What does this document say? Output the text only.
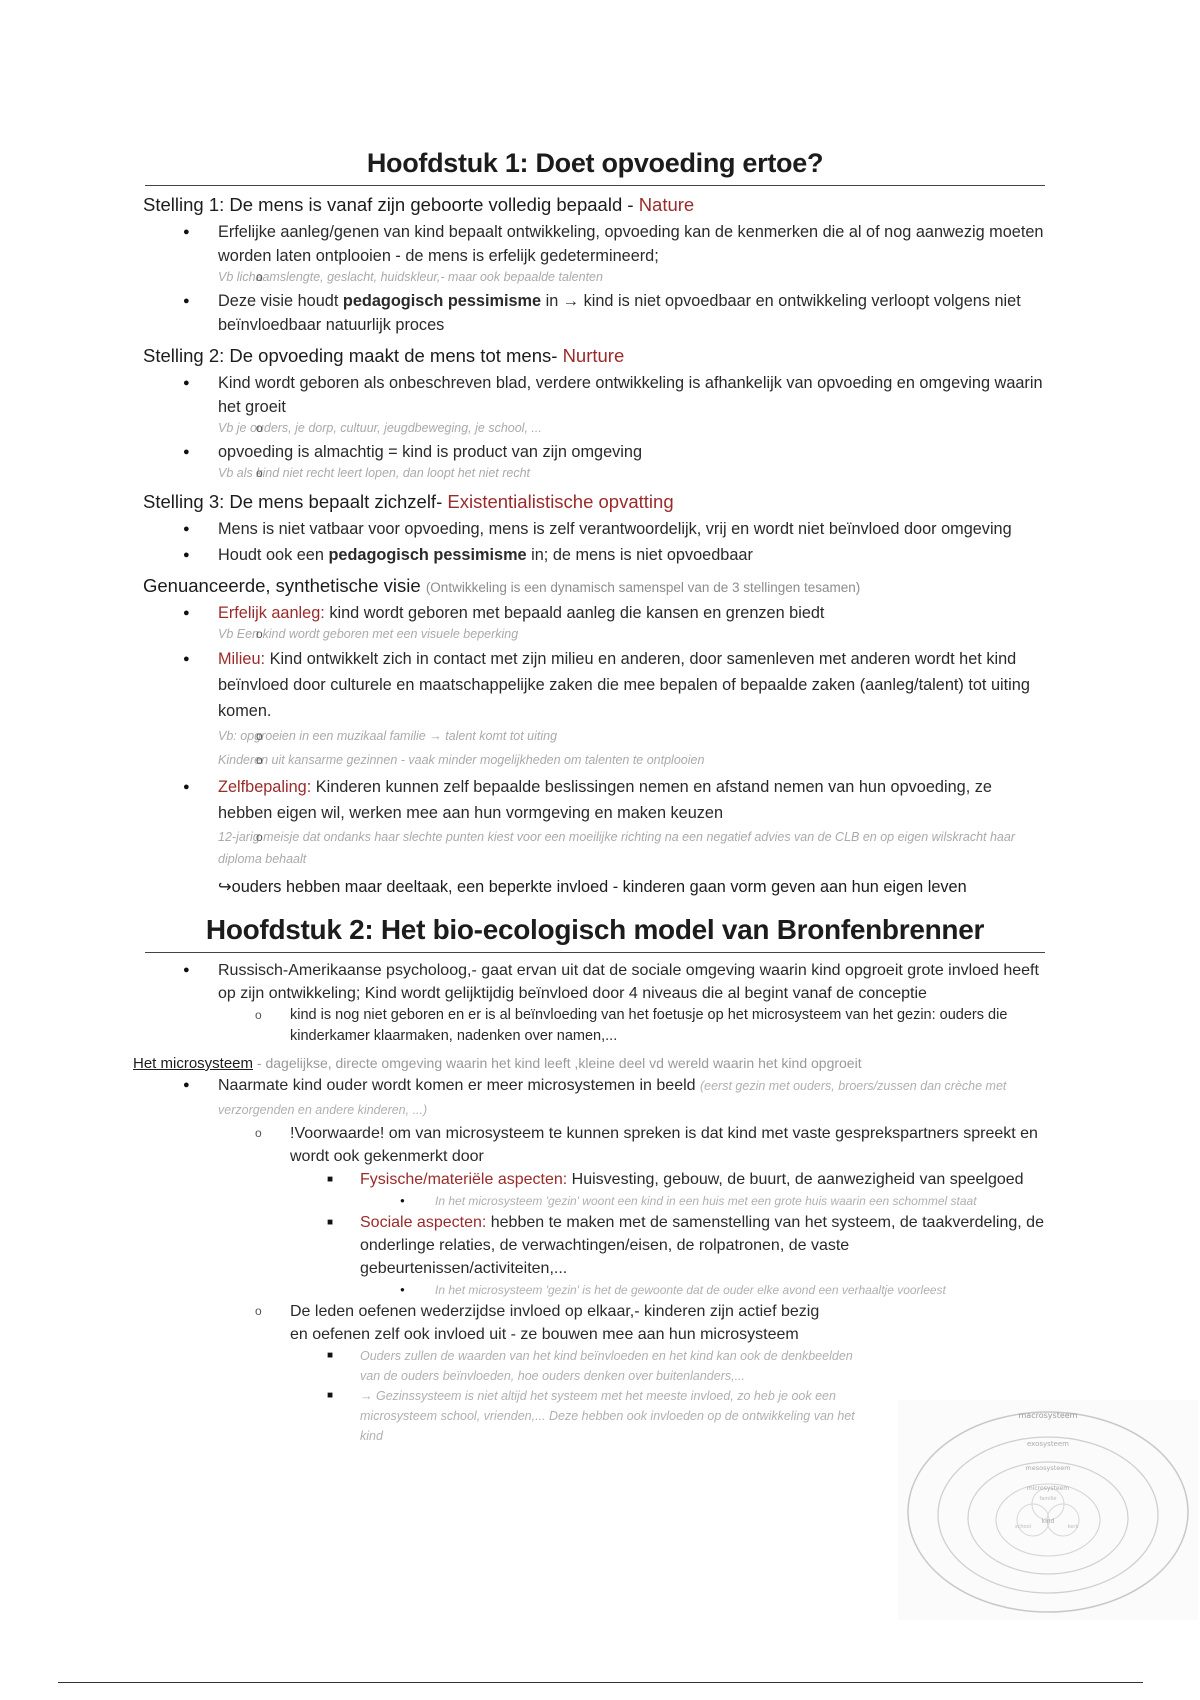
Hoofdstuk 1: Doet opvoeding ertoe?
Stelling 1: De mens is vanaf zijn geboorte volledig bepaald - Nature
● Erfelijke aanleg/genen van kind bepaalt ontwikkeling, opvoeding kan de kenmerken die al of nog aanwezig moeten worden laten ontplooien - de mens is erfelijk gedetermineerd;
o Vb lichaamslengte, geslacht, huidskleur,- maar ook bepaalde talenten
● Deze visie houdt pedagogisch pessimisme in → kind is niet opvoedbaar en ontwikkeling verloopt volgens niet beïnvloedbaar natuurlijk proces
Stelling 2: De opvoeding maakt de mens tot mens- Nurture
● Kind wordt geboren als onbeschreven blad, verdere ontwikkeling is afhankelijk van opvoeding en omgeving waarin het groeit
o Vb je ouders, je dorp, cultuur, jeugdbeweging, je school, ...
● opvoeding is almachtig = kind is product van zijn omgeving
o Vb als kind niet recht leert lopen, dan loopt het niet recht
Stelling 3: De mens bepaalt zichzelf- Existentialistische opvatting
● Mens is niet vatbaar voor opvoeding, mens is zelf verantwoordelijk, vrij en wordt niet beïnvloed door omgeving
● Houdt ook een pedagogisch pessimisme in; de mens is niet opvoedbaar
Genuanceerde, synthetische visie (Ontwikkeling is een dynamisch samenspel van de 3 stellingen tesamen)
● Erfelijk aanleg: kind wordt geboren met bepaald aanleg die kansen en grenzen biedt
o Vb Een kind wordt geboren met een visuele beperking
● Milieu: Kind ontwikkelt zich in contact met zijn milieu en anderen, door samenleven met anderen wordt het kind beïnvloed door culturele en maatschappelijke zaken die mee bepalen of bepaalde zaken (aanleg/talent) tot uiting komen.
o Vb: opgroeien in een muzikaal familie → talent komt tot uiting
o Kinderen uit kansarme gezinnen - vaak minder mogelijkheden om talenten te ontplooien
● Zelfbepaling: Kinderen kunnen zelf bepaalde beslissingen nemen en afstand nemen van hun opvoeding, ze hebben eigen wil, werken mee aan hun vormgeving en maken keuzen
o 12-jarig meisje dat ondanks haar slechte punten kiest voor een moeilijke richting na een negatief advies van de CLB en op eigen wilskracht haar diploma behaalt
↪ouders hebben maar deeltaak, een beperkte invloed - kinderen gaan vorm geven aan hun eigen leven
Hoofdstuk 2: Het bio-ecologisch model van Bronfenbrenner
● Russisch-Amerikaanse psycholoog,- gaat ervan uit dat de sociale omgeving waarin kind opgroeit grote invloed heeft op zijn ontwikkeling; Kind wordt gelijktijdig beïnvloed door 4 niveaus die al begint vanaf de conceptie
o kind is nog niet geboren en er is al beïnvloeding van het foetusje op het microsysteem van het gezin: ouders die kinderkamer klaarmaken, nadenken over namen,...
Het microsysteem - dagelijkse, directe omgeving waarin het kind leeft ,kleine deel vd wereld waarin het kind opgroeit
● Naarmate kind ouder wordt komen er meer microsystemen in beeld (eerst gezin met ouders, broers/zussen dan crèche met verzorgenden en andere kinderen, ...)
o !Voorwaarde! om van microsysteem te kunnen spreken is dat kind met vaste gesprekspartners spreekt en wordt ook gekenmerkt door
■ Fysische/materiële aspecten: Huisvesting, gebouw, de buurt, de aanwezigheid van speelgoed
● In het microsysteem 'gezin' woont een kind in een huis met een grote huis waarin een schommel staat
■ Sociale aspecten: hebben te maken met de samenstelling van het systeem, de taakverdeling, de onderlinge relaties, de verwachtingen/eisen, de rolpatronen, de vaste gebeurtenissen/activiteiten,...
● In het microsysteem 'gezin' is het de gewoonte dat de ouder elke avond een verhaaltje voorleest
o De leden oefenen wederzijdse invloed op elkaar,- kinderen zijn actief bezig en oefenen zelf ook invloed uit - ze bouwen mee aan hun microsysteem
■ Ouders zullen de waarden van het kind beïnvloeden en het kind kan ook de denkbeelden van de ouders beïnvloeden, hoe ouders denken over buitenlanders,...
■ → Gezinssysteem is niet altijd het systeem met het meeste invloed, zo heb je ook een microsysteem school, vrienden,... Deze hebben ook invloeden op de ontwikkeling van het kind
macrosysteem
exosysteem
mesosysteem
microsysteem
kind
familie
school	kerk
